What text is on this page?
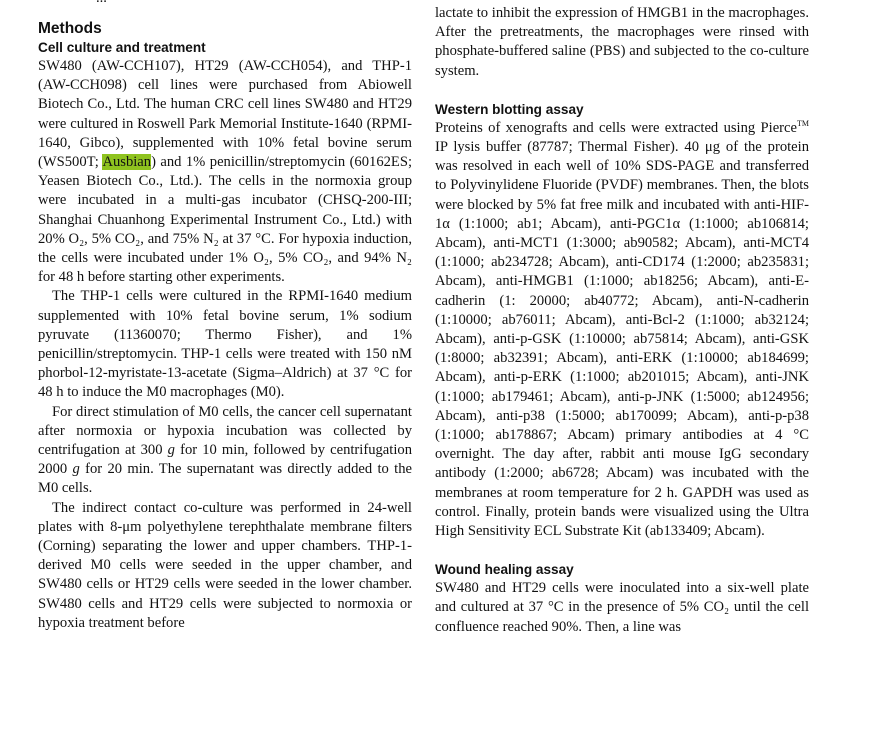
Methods
Cell culture and treatment

SW480 (AW-CCH107), HT29 (AW-CCH054), and THP-1 (AW-CCH098) cell lines were purchased from Abiowell Biotech Co., Ltd. The human CRC cell lines SW480 and HT29 were cultured in Roswell Park Memorial Institute-1640 (RPMI-1640, Gibco), supplemented with 10% fetal bovine serum (WS500T; Ausbian) and 1% penicillin/streptomycin (60162ES; Yeasen Biotech Co., Ltd.). The cells in the normoxia group were incubated in a multi-gas incubator (CHSQ-200-III; Shanghai Chuanhong Experimental Instrument Co., Ltd.) with 20% O₂, 5% CO₂, and 75% N₂ at 37 °C. For hypoxia induction, the cells were incubated under 1% O₂, 5% CO₂, and 94% N₂ for 48 h before starting other experiments.

The THP-1 cells were cultured in the RPMI-1640 medium supplemented with 10% fetal bovine serum, 1% sodium pyruvate (11360070; Thermo Fisher), and 1% penicillin/streptomycin. THP-1 cells were treated with 150 nM phorbol-12-myristate-13-acetate (Sigma–Aldrich) at 37 °C for 48 h to induce the M0 macrophages (M0).

For direct stimulation of M0 cells, the cancer cell supernatant after normoxia or hypoxia incubation was collected by centrifugation at 300 g for 10 min, followed by centrifugation 2000 g for 20 min. The supernatant was directly added to the M0 cells.

The indirect contact co-culture was performed in 24-well plates with 8-μm polyethylene terephthalate membrane filters (Corning) separating the lower and upper chambers. THP-1-derived M0 cells were seeded in the upper chamber, and SW480 cells or HT29 cells were seeded in the lower chamber. SW480 cells and HT29 cells were subjected to normoxia or hypoxia treatment before

lactate to inhibit the expression of HMGB1 in the macrophages. After the pretreatments, the macrophages were rinsed with phosphate-buffered saline (PBS) and subjected to the co-culture system.

Western blotting assay

Proteins of xenografts and cells were extracted using Pierce™ IP lysis buffer (87787; Thermal Fisher). 40 μg of the protein was resolved in each well of 10% SDS-PAGE and transferred to Polyvinylidene Fluoride (PVDF) membranes. Then, the blots were blocked by 5% fat free milk and incubated with anti-HIF-1α (1:1000; ab1; Abcam), anti-PGC1α (1:1000; ab106814; Abcam), anti-MCT1 (1:3000; ab90582; Abcam), anti-MCT4 (1:1000; ab234728; Abcam), anti-CD174 (1:2000; ab235831; Abcam), anti-HMGB1 (1:1000; ab18256; Abcam), anti-E-cadherin (1: 20000; ab40772; Abcam), anti-N-cadherin (1:10000; ab76011; Abcam), anti-Bcl-2 (1:1000; ab32124; Abcam), anti-p-GSK (1:10000; ab75814; Abcam), anti-GSK (1:8000; ab32391; Abcam), anti-ERK (1:10000; ab184699; Abcam), anti-p-ERK (1:1000; ab201015; Abcam), anti-JNK (1:1000; ab179461; Abcam), anti-p-JNK (1:5000; ab124956; Abcam), anti-p38 (1:5000; ab170099; Abcam), anti-p-p38 (1:1000; ab178867; Abcam) primary antibodies at 4 °C overnight. The day after, rabbit anti mouse IgG secondary antibody (1:2000; ab6728; Abcam) was incubated with the membranes at room temperature for 2 h. GAPDH was used as control. Finally, protein bands were visualized using the Ultra High Sensitivity ECL Substrate Kit (ab133409; Abcam).

Wound healing assay

SW480 and HT29 cells were inoculated into a six-well plate and cultured at 37 °C in the presence of 5% CO₂ until the cell confluence reached 90%. Then, a line was
